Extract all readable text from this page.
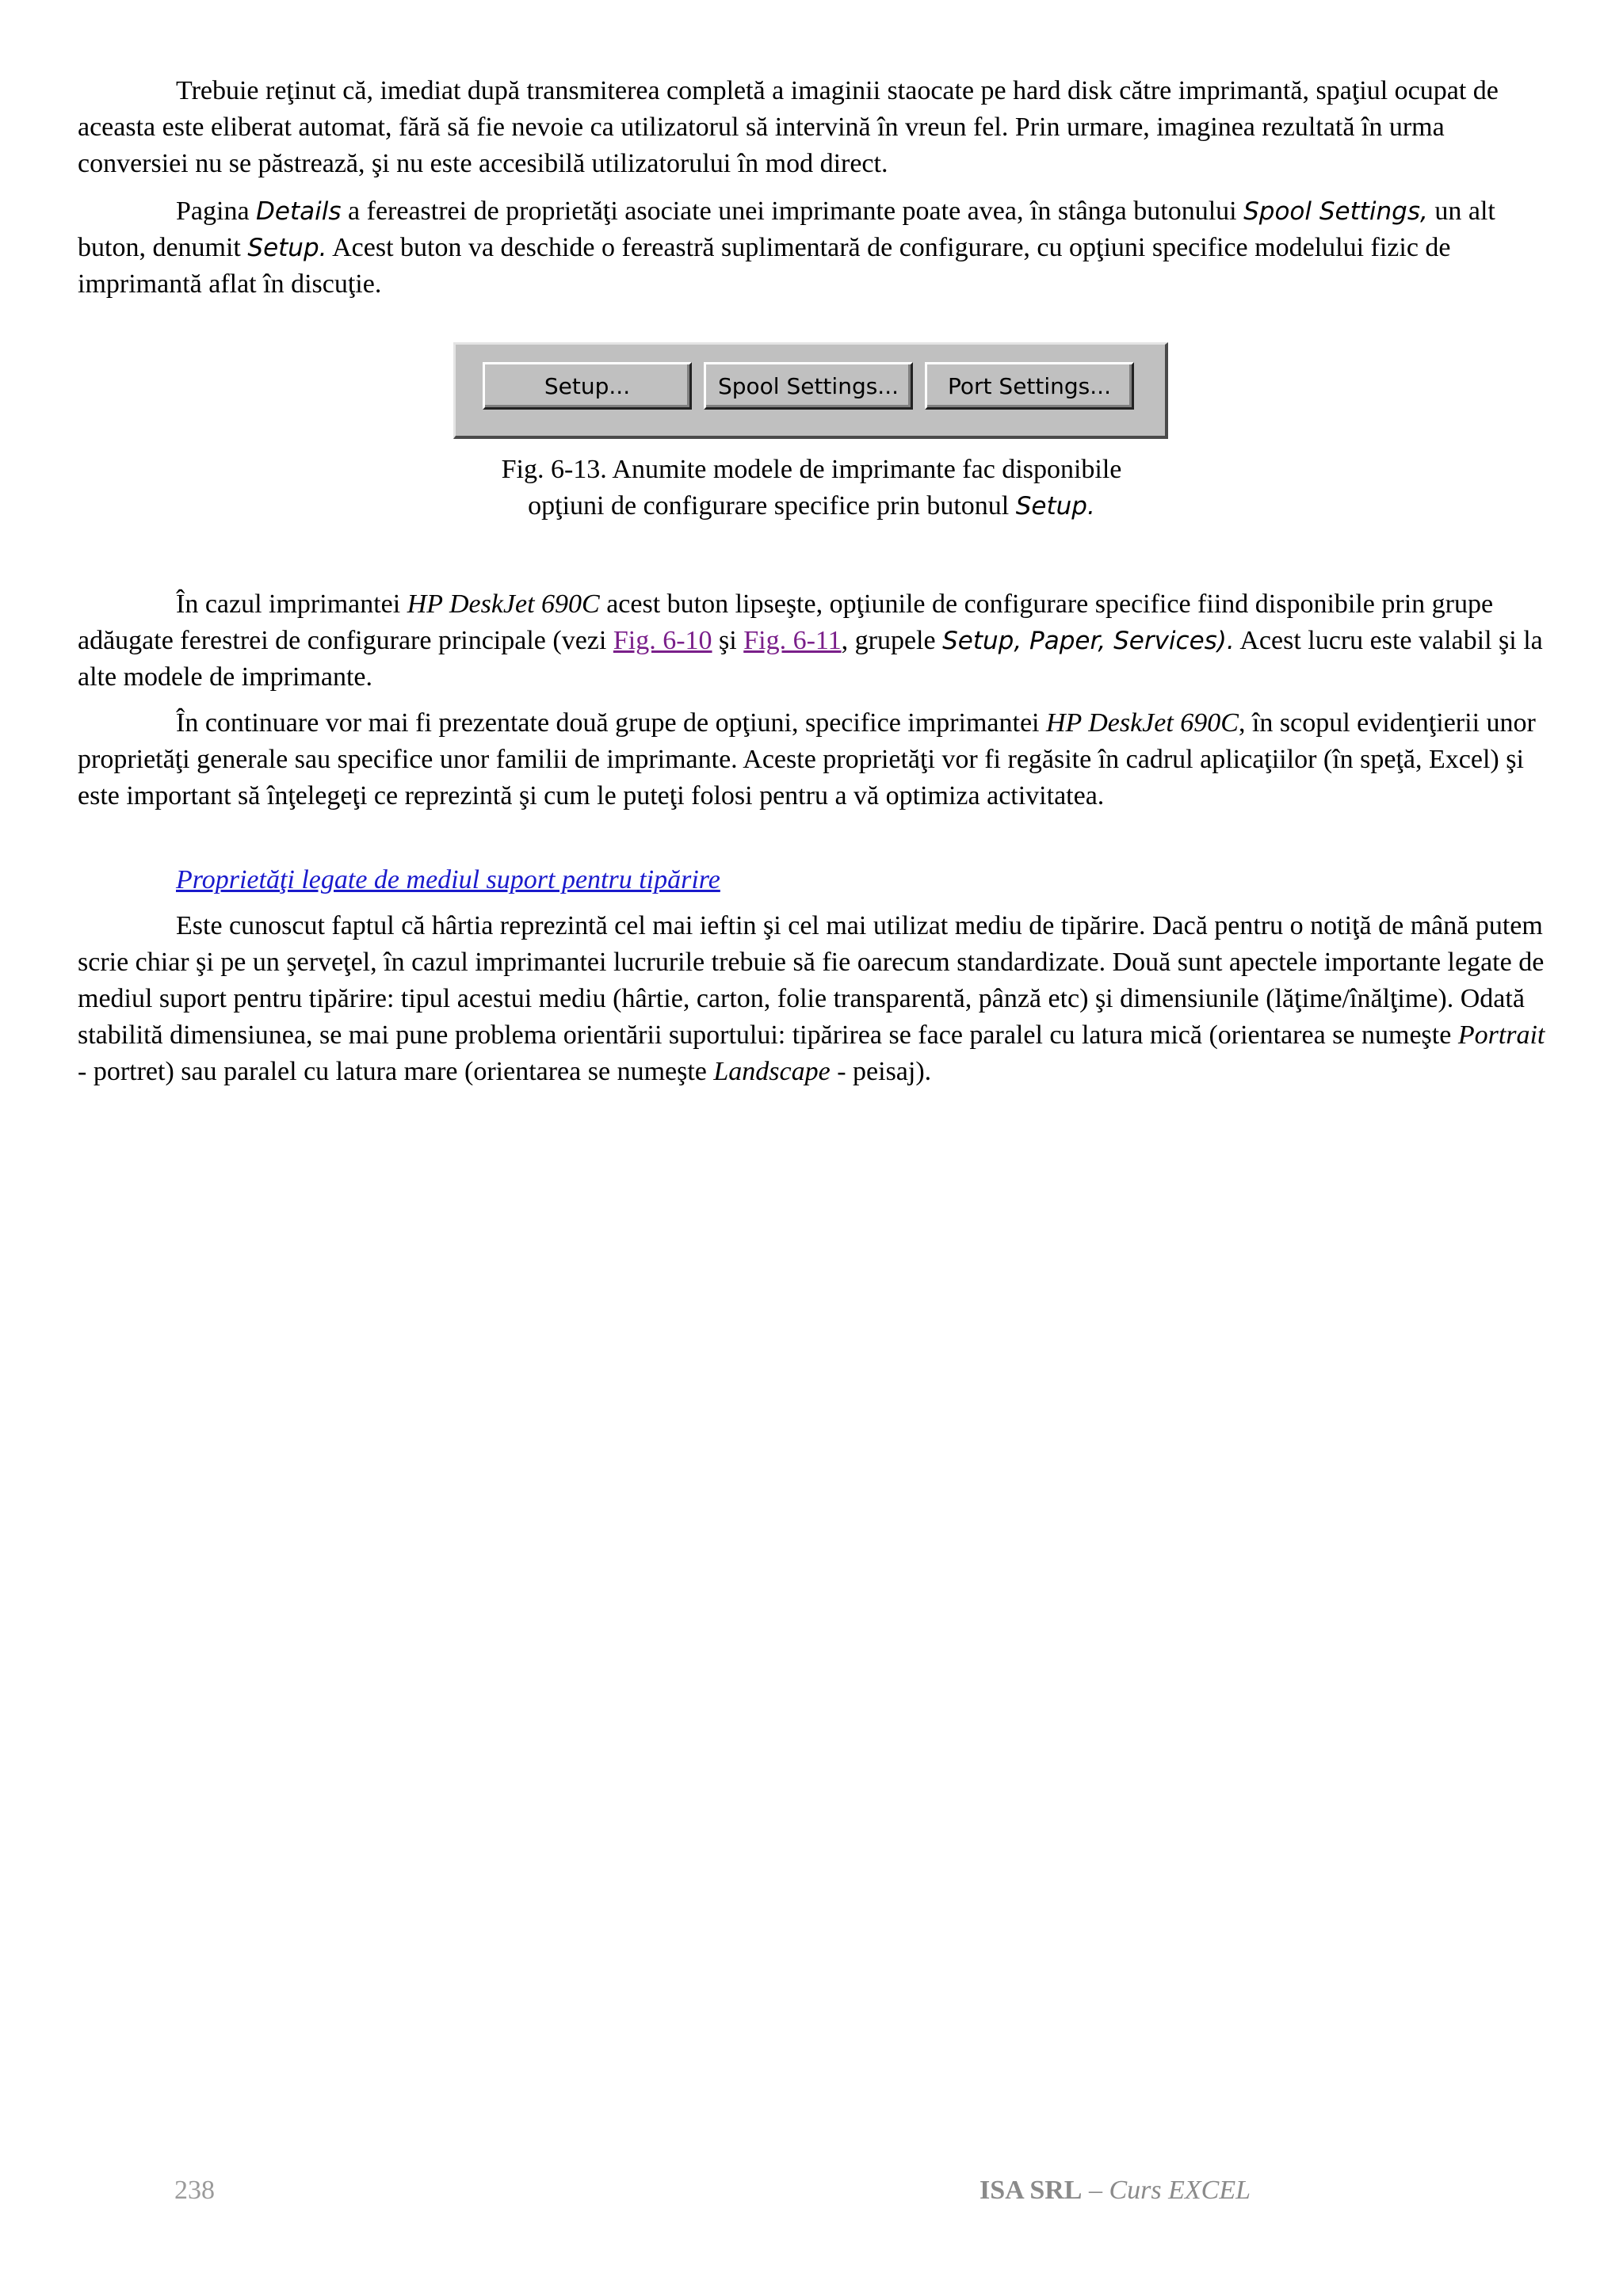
Trebuie reţinut că, imediat după transmiterea completă a imaginii staocate pe hard disk către imprimantă, spaţiul ocupat de aceasta este eliberat automat, fără să fie nevoie ca utilizatorul să intervină în vreun fel. Prin urmare, imaginea rezultată în urma conversiei nu se păstrează, şi nu este accesibilă utilizatorului în mod direct.

Pagina Details a fereastrei de proprietăţi asociate unei imprimante poate avea, în stânga butonului Spool Settings, un alt buton, denumit Setup. Acest buton va deschide o fereastră suplimentară de configurare, cu opţiuni specifice modelului fizic de imprimantă aflat în discuţie.

Setup...	Spool Settings... Port Settings...
Fig. 6-13. Anumite modele de imprimante fac disponibile
opţiuni de configurare specifice prin butonul Setup.

În cazul imprimantei HP DeskJet 690C acest buton lipseşte, opţiunile de configurare specifice fiind disponibile prin grupe adăugate ferestrei de configurare principale (vezi Fig. 6-10 şi Fig. 6-11, grupele Setup, Paper, Services). Acest lucru este valabil şi la alte modele de imprimante.

În continuare vor mai fi prezentate două grupe de opţiuni, specifice imprimantei HP DeskJet 690C, în scopul evidenţierii unor proprietăţi generale sau specifice unor familii de imprimante. Aceste proprietăţi vor fi regăsite în cadrul aplicaţiilor (în speţă, Excel) şi este important să înţelegeţi ce reprezintă şi cum le puteţi folosi pentru a vă optimiza activitatea.

Proprietăţi legate de mediul suport pentru tipărire

Este cunoscut faptul că hârtia reprezintă cel mai ieftin şi cel mai utilizat mediu de tipărire. Dacă pentru o notiţă de mână putem scrie chiar şi pe un şerveţel, în cazul imprimantei lucrurile trebuie să fie oarecum standardizate. Două sunt apectele importante legate de mediul suport pentru tipărire: tipul acestui mediu (hârtie, carton, folie transparentă, pânză etc) şi dimensiunile (lăţime/înălţime). Odată stabilită dimensiunea, se mai pune problema orientării suportului: tipărirea se face paralel cu latura mică (orientarea se numeşte Portrait - portret) sau paralel cu latura mare (orientarea se numeşte Landscape - peisaj).

238	ISA SRL – Curs EXCEL
